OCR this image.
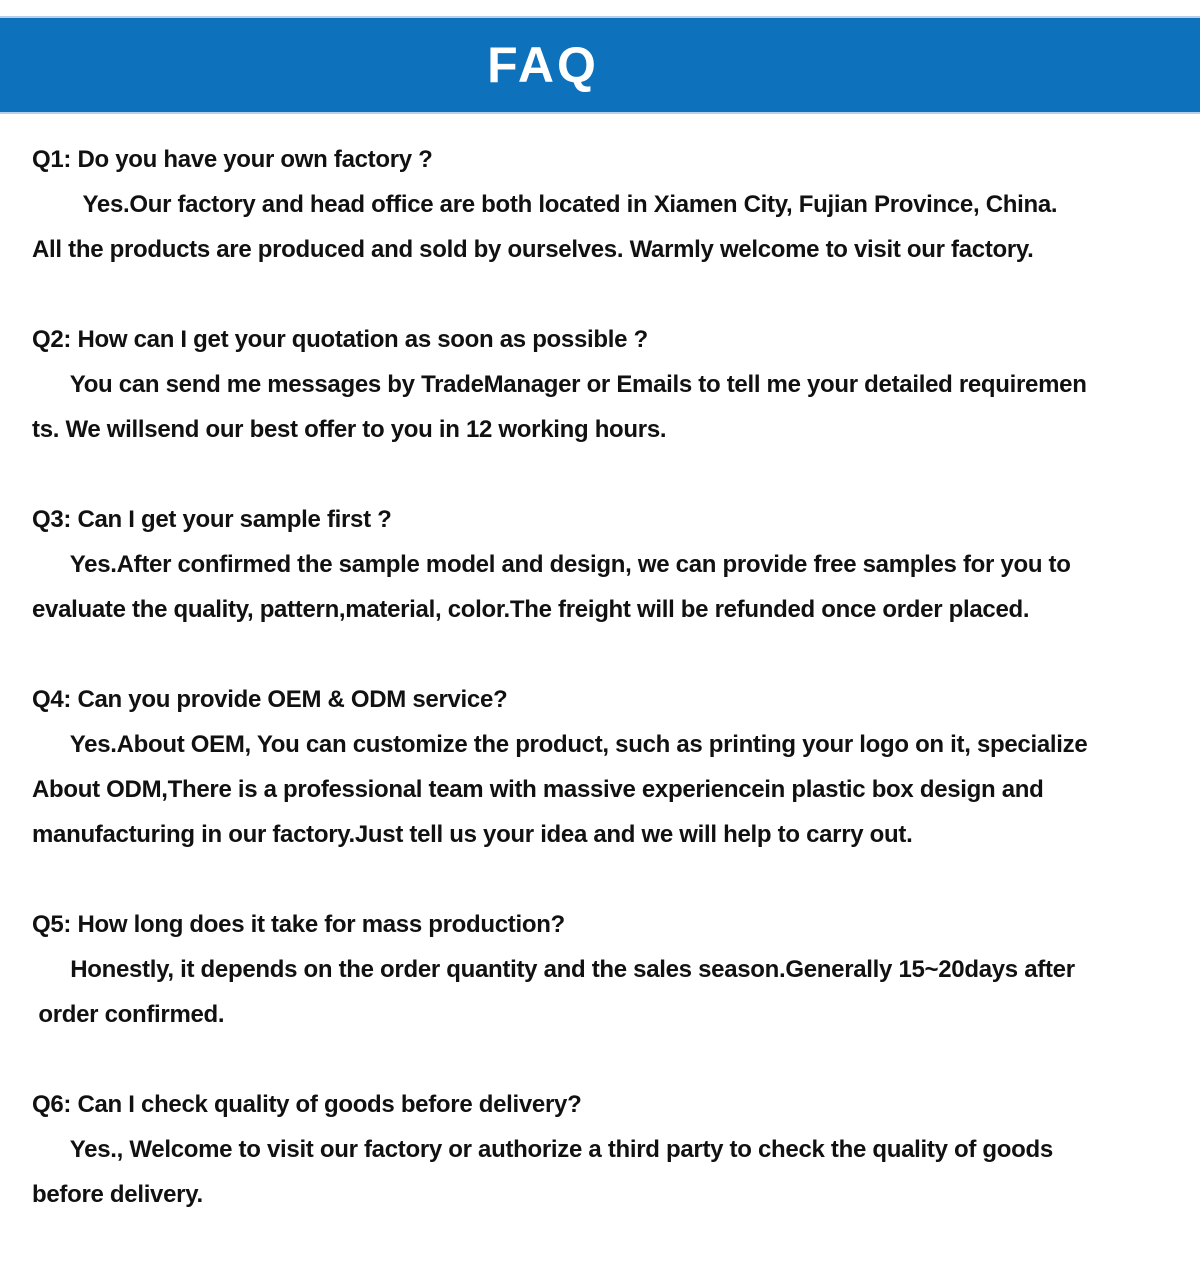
FAQ
Q1: Do you have your own factory ?
Yes.Our factory and head office are both located in Xiamen City, Fujian Province, China.
All the products are produced and sold by ourselves. Warmly welcome to visit our factory.
Q2: How can I get your quotation as soon as possible ?
You can send me messages by TradeManager or Emails to tell me your detailed requiremen
ts. We willsend our best offer to you in 12 working hours.
Q3: Can I get your sample first ?
Yes.After confirmed the sample model and design, we can provide free samples for you to
evaluate the quality, pattern,material, color.The freight will be refunded once order placed.
Q4: Can you provide OEM & ODM service?
Yes.About OEM, You can customize the product, such as printing your logo on it, specialize
About ODM,There is a professional team with massive experiencein plastic box design and
manufacturing in our factory.Just tell us your idea and we will help to carry out.
Q5: How long does it take for mass production?
Honestly, it depends on the order quantity and the sales season.Generally 15~20days after
order confirmed.
Q6: Can I check quality of goods before delivery?
Yes., Welcome to visit our factory or authorize a third party to check the quality of goods
before delivery.
